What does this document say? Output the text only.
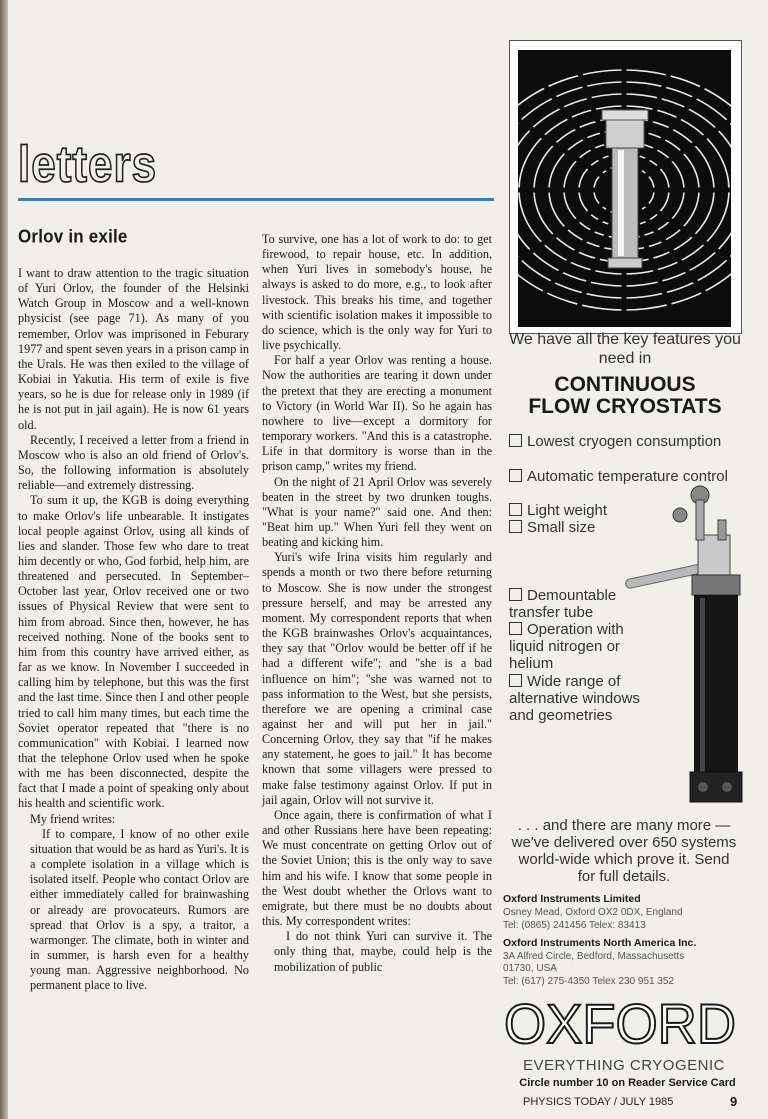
letters
Orlov in exile

I want to draw attention to the tragic situation of Yuri Orlov, the founder of the Helsinki Watch Group in Moscow and a well-known physicist (see page 71). As many of you remember, Orlov was imprisoned in Feburary 1977 and spent seven years in a prison camp in the Urals. He was then exiled to the village of Kobiai in Yakutia. His term of exile is five years, so he is due for release only in 1989 (if he is not put in jail again). He is now 61 years old.

Recently, I received a letter from a friend in Moscow who is also an old friend of Orlov's. So, the following information is absolutely reliable—and extremely distressing.

To sum it up, the KGB is doing everything to make Orlov's life unbearable. It instigates local people against Orlov, using all kinds of lies and slander. Those few who dare to treat him decently or who, God forbid, help him, are threatened and persecuted. In September–October last year, Orlov received one or two issues of Physical Review that were sent to him from abroad. Since then, however, he has received nothing. None of the books sent to him from this country have arrived either, as far as we know. In November I succeeded in calling him by telephone, but this was the first and the last time. Since then I and other people tried to call him many times, but each time the Soviet operator repeated that "there is no communication" with Kobiai. I learned now that the telephone Orlov used when he spoke with me has been disconnected, despite the fact that I made a point of speaking only about his health and scientific work.

My friend writes:

If to compare, I know of no other exile situation that would be as hard as Yuri's. It is a complete isolation in a village which is isolated itself. People who contact Orlov are either immediately called for brainwashing or already are provocateurs. Rumors are spread that Orlov is a spy, a traitor, a warmonger. The climate, both in winter and in summer, is harsh even for a healthy young man. Aggressive neighborhood. No permanent place to live.

To survive, one has a lot of work to do: to get firewood, to repair house, etc. In addition, when Yuri lives in somebody's house, he always is asked to do more, e.g., to look after livestock. This breaks his time, and together with scientific isolation makes it impossible to do science, which is the only way for Yuri to live psychically.

For half a year Orlov was renting a house. Now the authorities are tearing it down under the pretext that they are erecting a monument to Victory (in World War II). So he again has nowhere to live—except a dormitory for temporary workers. "And this is a catastrophe. Life in that dormitory is worse than in the prison camp," writes my friend.

On the night of 21 April Orlov was severely beaten in the street by two drunken toughs. "What is your name?" said one. And then: "Beat him up." When Yuri fell they went on beating and kicking him.

Yuri's wife Irina visits him regularly and spends a month or two there before returning to Moscow. She is now under the strongest pressure herself, and may be arrested any moment. My correspondent reports that when the KGB brainwashes Orlov's acquaintances, they say that "Orlov would be better off if he had a different wife"; and "she is a bad influence on him"; "she was warned not to pass information to the West, but she persists, therefore we are opening a criminal case against her and will put her in jail." Concerning Orlov, they say that "if he makes any statement, he goes to jail." It has become known that some villagers were pressed to make false testimony against Orlov. If put in jail again, Orlov will not survive it.

Once again, there is confirmation of what I and other Russians here have been repeating: We must concentrate on getting Orlov out of the Soviet Union; this is the only way to save him and his wife. I know that some people in the West doubt whether the Orlovs want to emigrate, but there must be no doubts about this. My correspondent writes:

I do not think Yuri can survive it. The only thing that, maybe, could help is the mobilization of public

We have all the key features you need in
CONTINUOUS
FLOW CRYOSTATS
Lowest cryogen consumption
Automatic temperature control
Light weight
Small size
Demountable transfer tube
Operation with liquid nitrogen or helium
Wide range of alternative windows and geometries
. . . and there are many more — we've delivered over 650 systems world-wide which prove it. Send for full details.
Oxford Instruments Limited
Osney Mead, Oxford OX2 0DX, England
Tel: (0865) 241456 Telex: 83413
Oxford Instruments North America Inc.
3A Alfred Circle, Bedford, Massachusetts
01730, USA
Tel: (617) 275-4350 Telex 230 951 352
OXFORD
EVERYTHING CRYOGENIC
Circle number 10 on Reader Service Card
PHYSICS TODAY / JULY 1985	9
